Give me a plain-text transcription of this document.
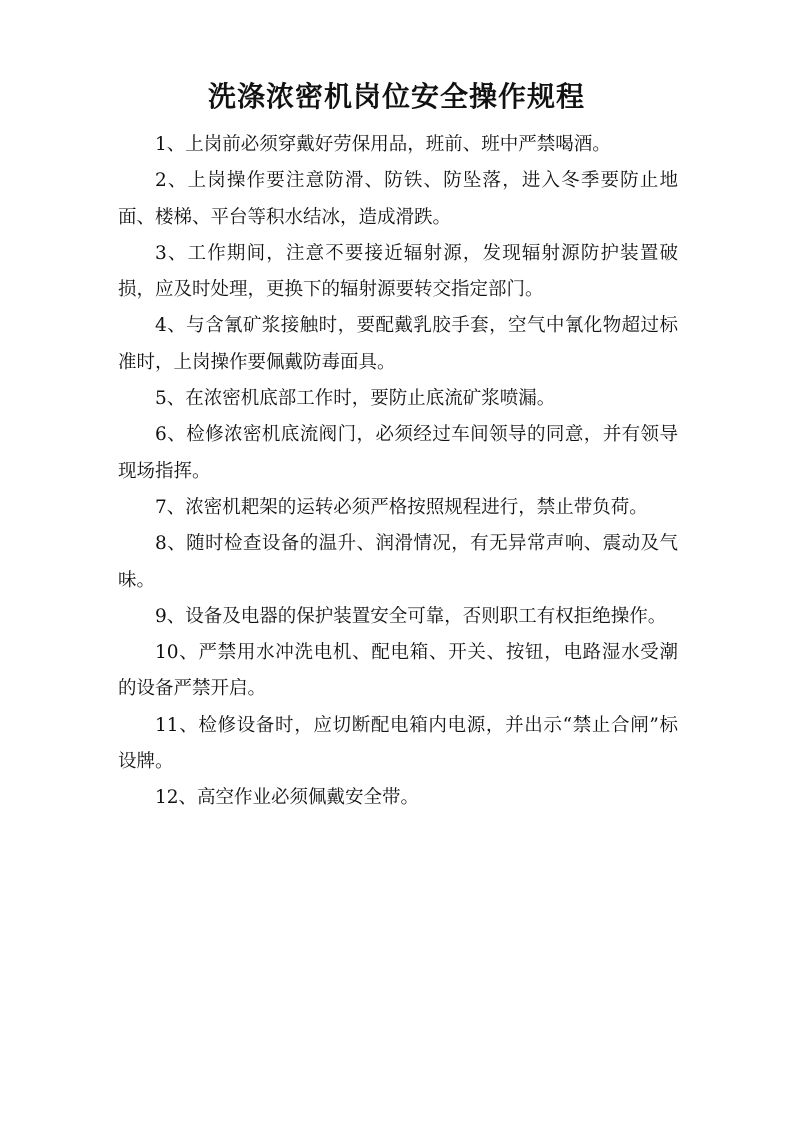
洗涤浓密机岗位安全操作规程

1、上岗前必须穿戴好劳保用品，班前、班中严禁喝酒。

2、上岗操作要注意防滑、防铁、防坠落，进入冬季要防止地面、楼梯、平台等积水结冰，造成滑跌。

3、工作期间，注意不要接近辐射源，发现辐射源防护装置破损，应及时处理，更换下的辐射源要转交指定部门。

4、与含氰矿浆接触时，要配戴乳胶手套，空气中氰化物超过标准时，上岗操作要佩戴防毒面具。

5、在浓密机底部工作时，要防止底流矿浆喷漏。

6、检修浓密机底流阀门，必须经过车间领导的同意，并有领导现场指挥。

7、浓密机耙架的运转必须严格按照规程进行，禁止带负荷。

8、随时检查设备的温升、润滑情况，有无异常声响、震动及气味。

9、设备及电器的保护装置安全可靠，否则职工有权拒绝操作。

10、严禁用水冲洗电机、配电箱、开关、按钮，电路湿水受潮的设备严禁开启。

11、检修设备时，应切断配电箱内电源，并出示“禁止合闸”标设牌。

12、高空作业必须佩戴安全带。
